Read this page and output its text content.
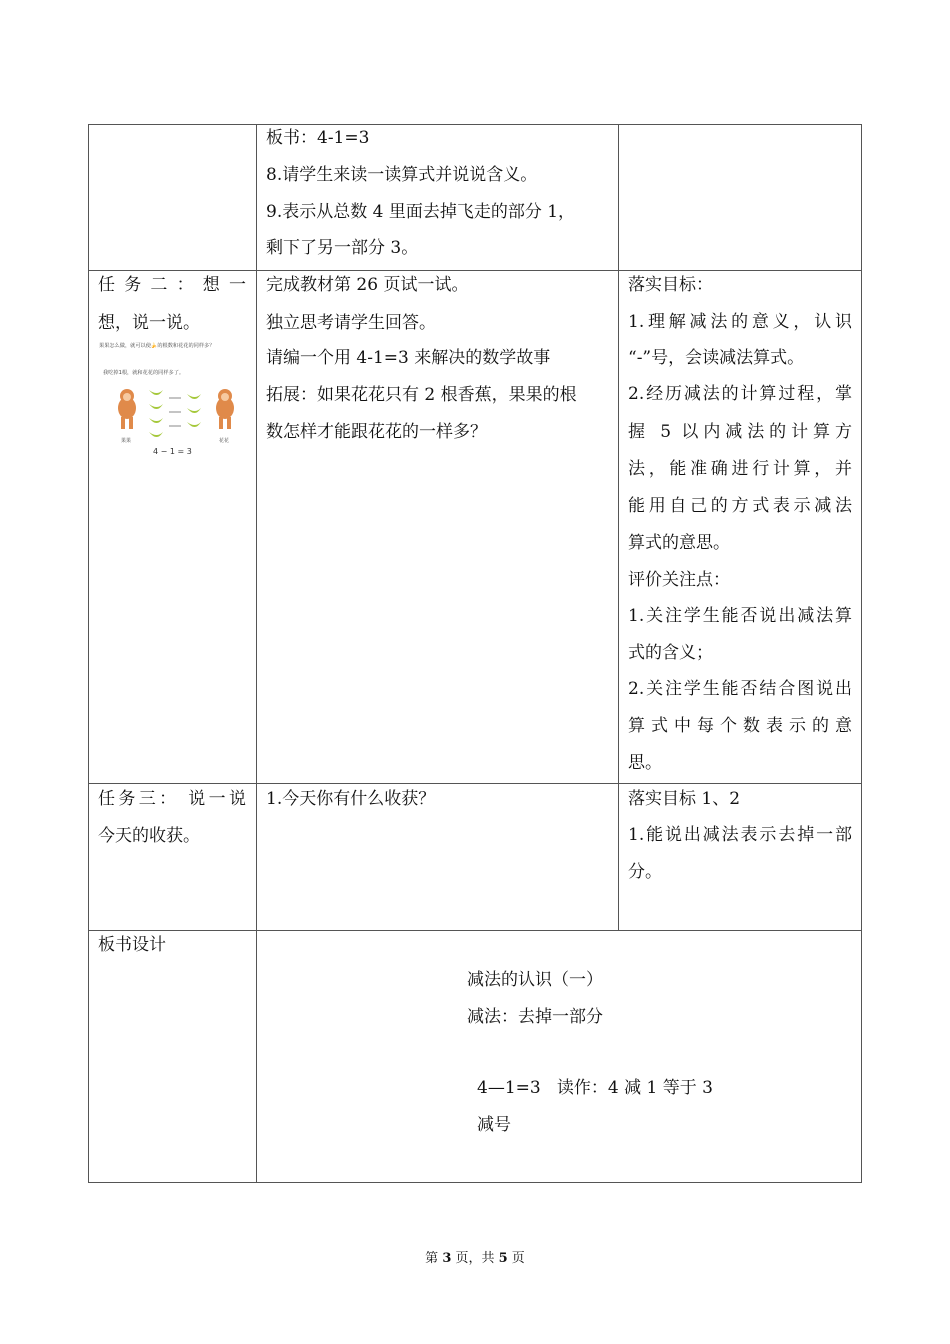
板书：4-1=3
8.请学生来读一读算式并说说含义。
9.表示从总数 4 里面去掉飞走的部分 1，
剩下了另一部分 3。
任 务 二 ： 想 一
想，说一说。
果果怎么做，就可以使🍌的根数和花花的同样多？
我吃掉1根，就和花花的同样多了。
果果	花花
4 − 1 = 3
完成教材第 26 页试一试。
独立思考请学生回答。
请编一个用 4-1=3 来解决的数学故事
拓展：如果花花只有 2 根香蕉，果果的根
数怎样才能跟花花的一样多？
落实目标：
1.理解减法的意义，认识
“-”号，会读减法算式。
2.经历减法的计算过程，掌
握 5 以内减法的计算方
法，能准确进行计算，并
能用自己的方式表示减法
算式的意思。
评价关注点：
1.关注学生能否说出减法算
式的含义；
2.关注学生能否结合图说出
算式中每个数表示的意
思。
任务三： 说一说
今天的收获。
1.今天你有什么收获？	落实目标 1、2
1.能说出减法表示去掉一部
分。
板书设计
减法的认识（一）
减法：去掉一部分
4—1=3   读作：4 减 1 等于 3
减号
第 3 页，共 5 页
